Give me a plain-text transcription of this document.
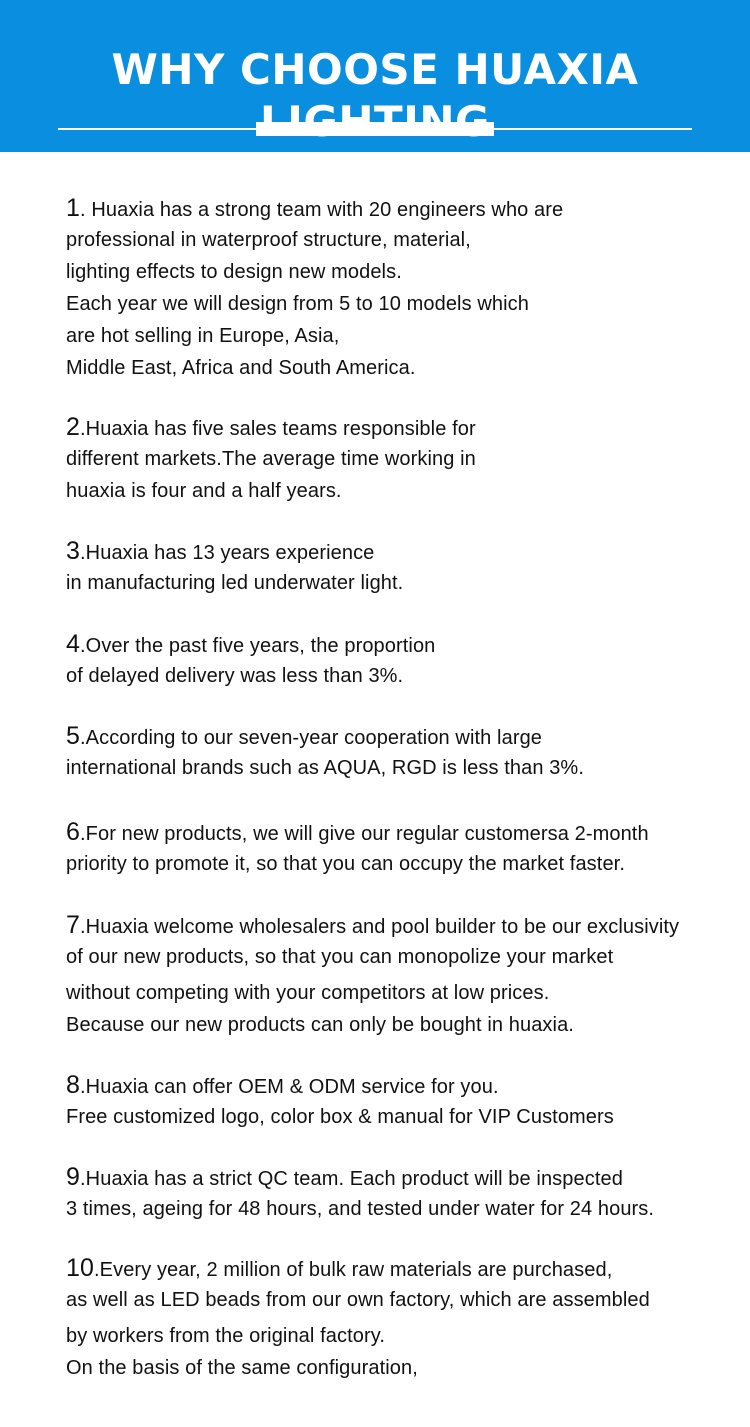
WHY CHOOSE HUAXIA
1. Huaxia has a strong team with 20 engineers who are
professional in waterproof structure, material,
lighting effects to design new models.
Each year we will design from 5 to 10 models which
are hot selling in Europe, Asia,
Middle East, Africa and South America.
2.Huaxia has five sales teams responsible for
different markets.The average time working in
huaxia is four and a half years.
3.Huaxia has 13 years experience
in manufacturing led underwater light.
4.Over the past five years, the proportion
of delayed delivery was less than 3%.
5.According to our seven-year cooperation with large
international brands such as AQUA, RGD is less than 3%.
6.For new products, we will give our regular customersa 2-month
priority to promote it, so that you can occupy the market faster.
7.Huaxia welcome wholesalers and pool builder to be our exclusivity
of our new products, so that you can monopolize your market
without competing with your competitors at low prices.
Because our new products can only be bought in huaxia.
8.Huaxia can offer OEM & ODM service for you.
Free customized logo, color box & manual for VIP Customers
9.Huaxia has a strict QC team. Each product will be inspected
3 times, ageing for 48 hours, and tested under water for 24 hours.
10.Every year, 2 million of bulk raw materials are purchased,
as well as LED beads from our own factory, which are assembled
by workers from the original factory.
On the basis of the same configuration,
